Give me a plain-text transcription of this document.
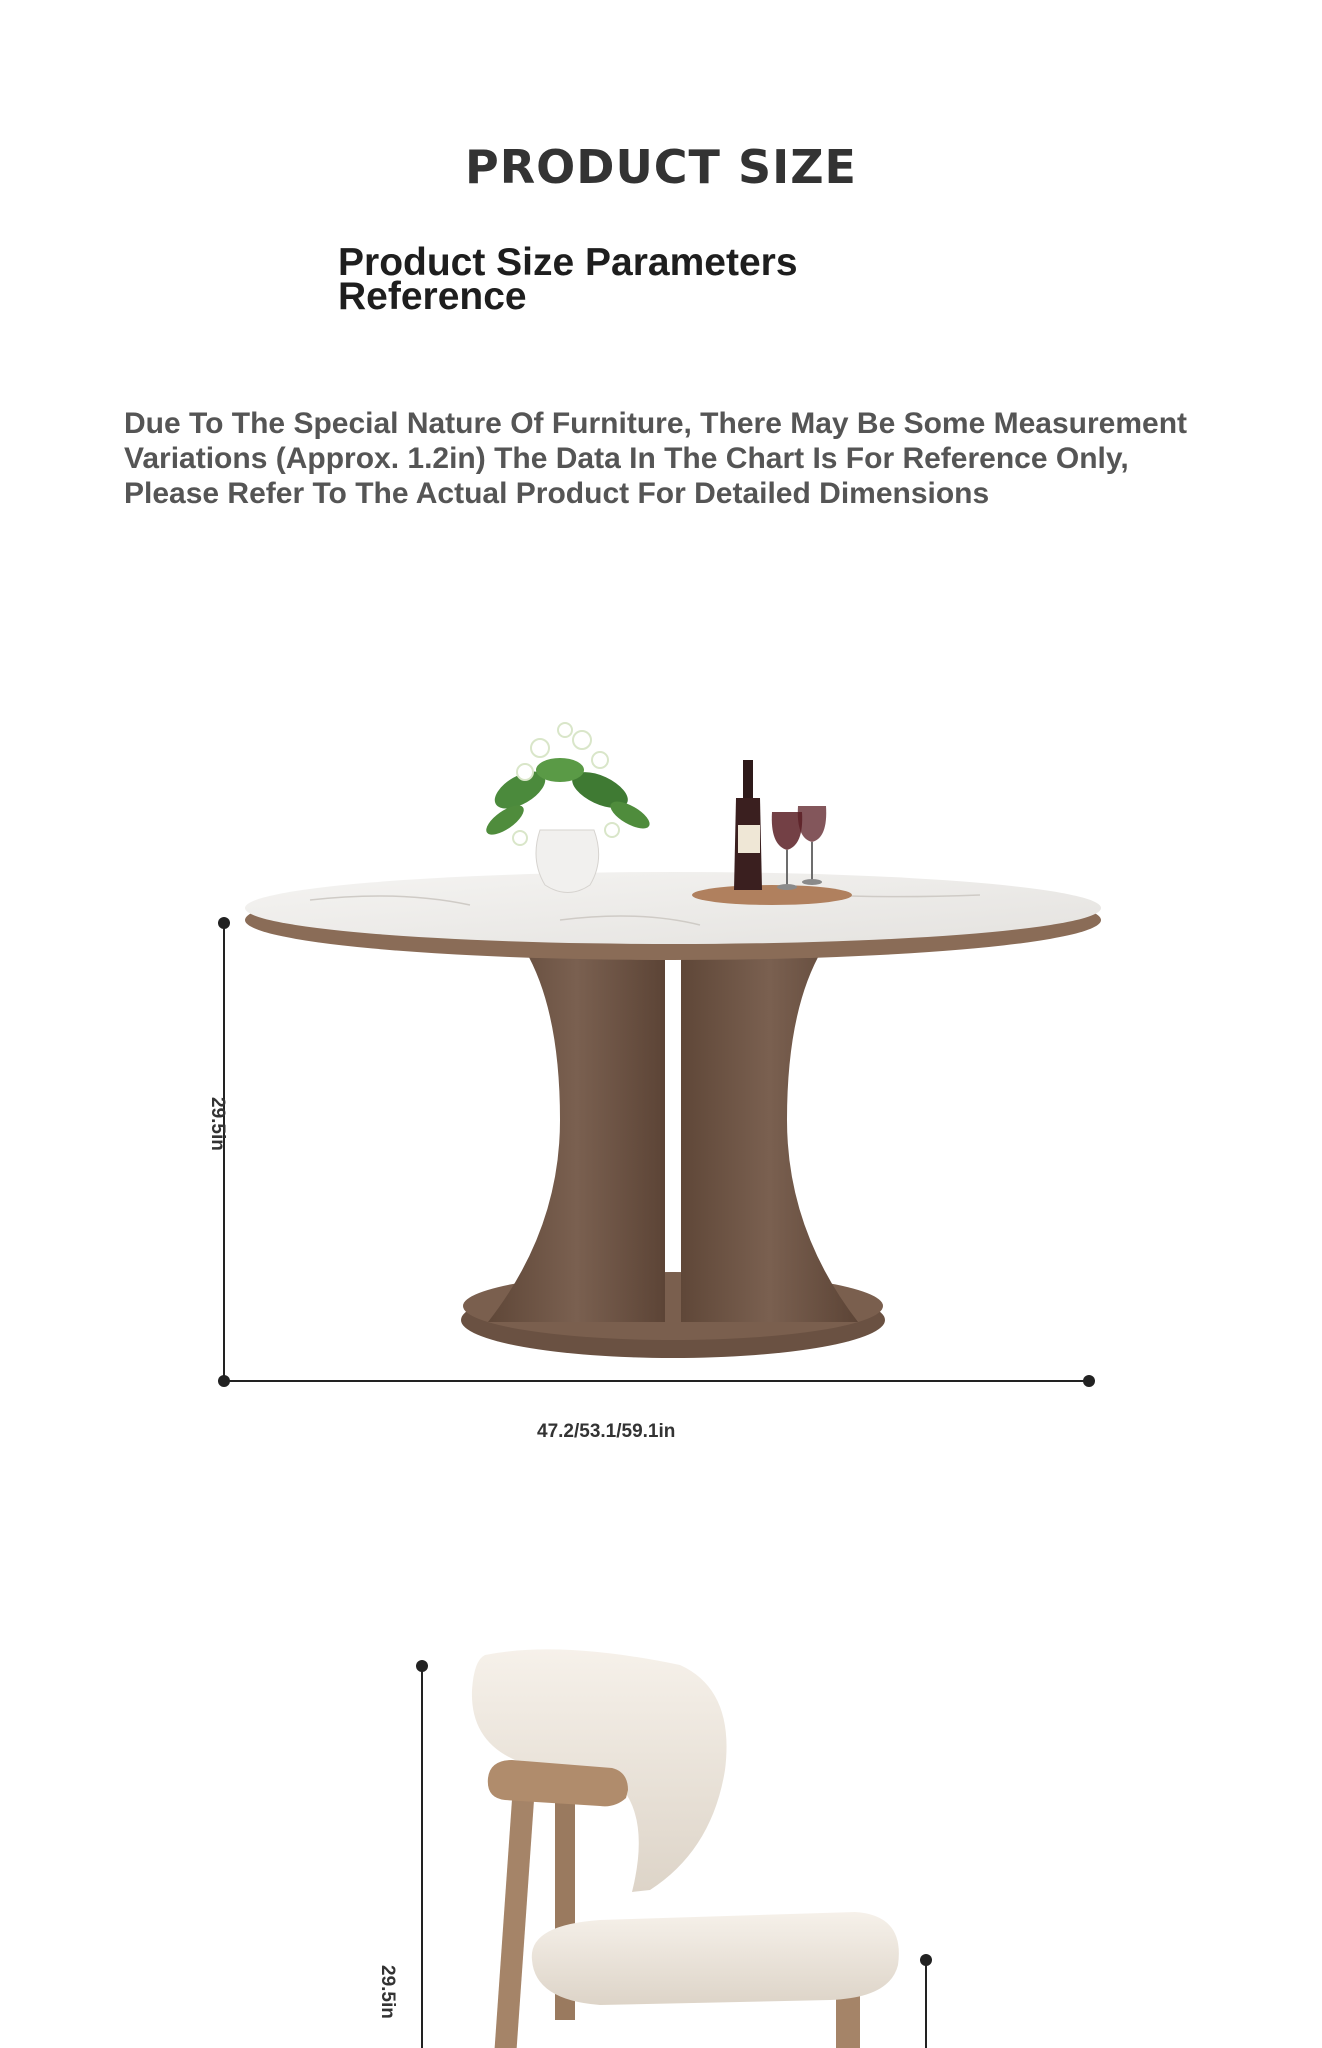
PRODUCT SIZE
Product Size Parameters
Reference
Due To The Special Nature Of Furniture, There May Be Some Measurement
Variations (Approx. 1.2in) The Data In The Chart Is For Reference Only,
Please Refer To The Actual Product For Detailed Dimensions
29.5in
47.2/53.1/59.1in
29.5in
